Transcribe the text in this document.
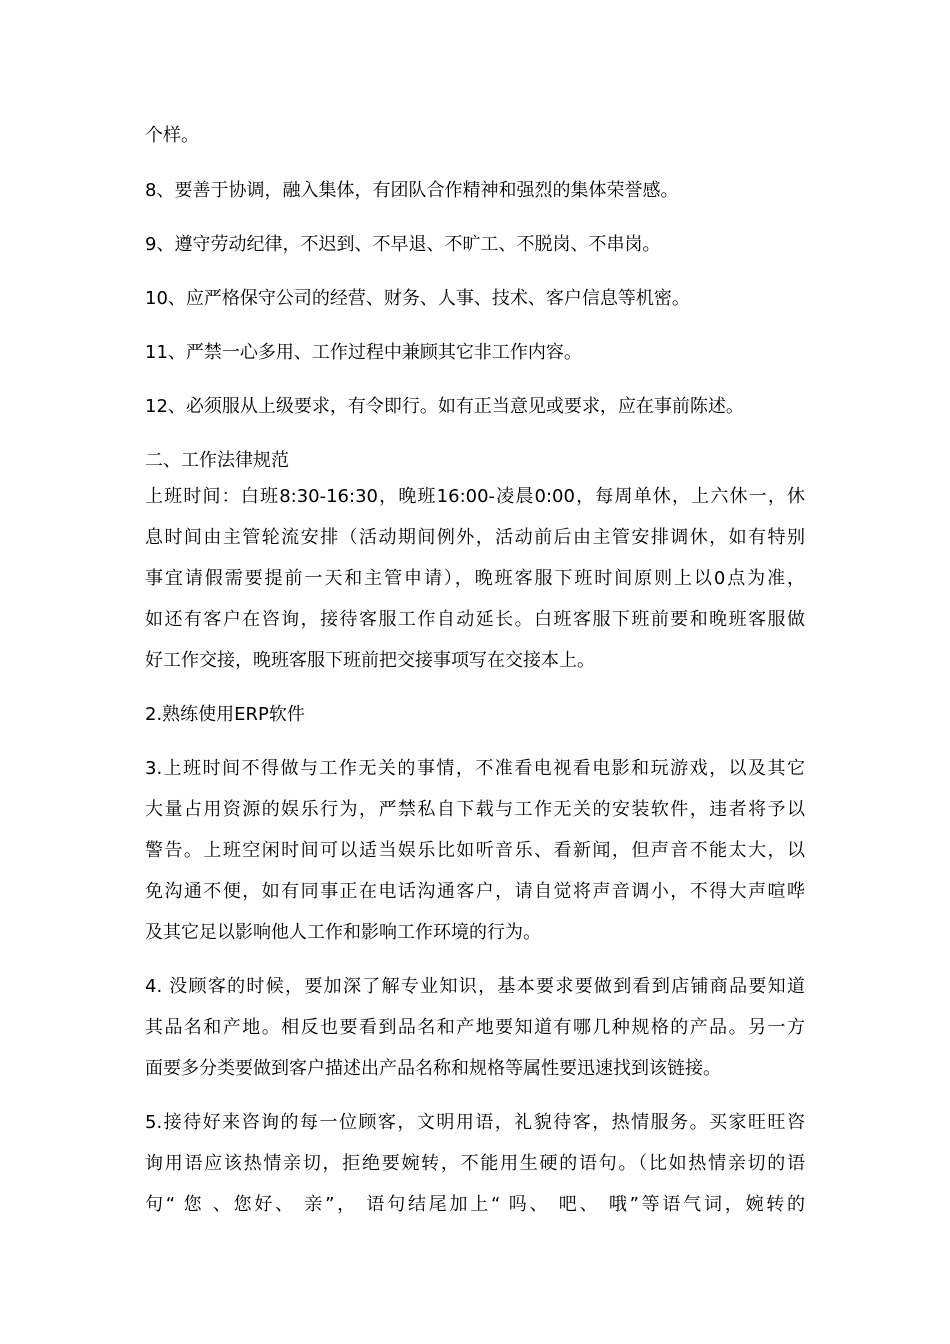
个样。
8、要善于协调，融入集体，有团队合作精神和强烈的集体荣誉感。
9、遵守劳动纪律，不迟到、不早退、不旷工、不脱岗、不串岗。
10、应严格保守公司的经营、财务、人事、技术、客户信息等机密。
11、严禁一心多用、工作过程中兼顾其它非工作内容。
12、必须服从上级要求，有令即行。如有正当意见或要求，应在事前陈述。
二、工作法律规范
上班时间：白班8:30-16:30，晚班16:00-凌晨0:00，每周单休，上六休一，休
息时间由主管轮流安排（活动期间例外，活动前后由主管安排调休，如有特别
事宜请假需要提前一天和主管申请），晚班客服下班时间原则上以0点为准，
如还有客户在咨询，接待客服工作自动延长。白班客服下班前要和晚班客服做
好工作交接，晚班客服下班前把交接事项写在交接本上。
2.熟练使用ERP软件
3.上班时间不得做与工作无关的事情，不准看电视看电影和玩游戏，以及其它
大量占用资源的娱乐行为，严禁私自下载与工作无关的安装软件，违者将予以
警告。上班空闲时间可以适当娱乐比如听音乐、看新闻，但声音不能太大，以
免沟通不便，如有同事正在电话沟通客户，请自觉将声音调小，不得大声喧哗
及其它足以影响他人工作和影响工作环境的行为。
4. 没顾客的时候，要加深了解专业知识，基本要求要做到看到店铺商品要知道
其品名和产地。相反也要看到品名和产地要知道有哪几种规格的产品。另一方
面要多分类要做到客户描述出产品名称和规格等属性要迅速找到该链接。
5.接待好来咨询的每一位顾客，文明用语，礼貌待客，热情服务。买家旺旺咨
询用语应该热情亲切，拒绝要婉转，不能用生硬的语句。（比如热情亲切的语
句“ 您 、您好、 亲”， 语句结尾加上“ 吗、 吧、 哦”等语气词，婉转的
